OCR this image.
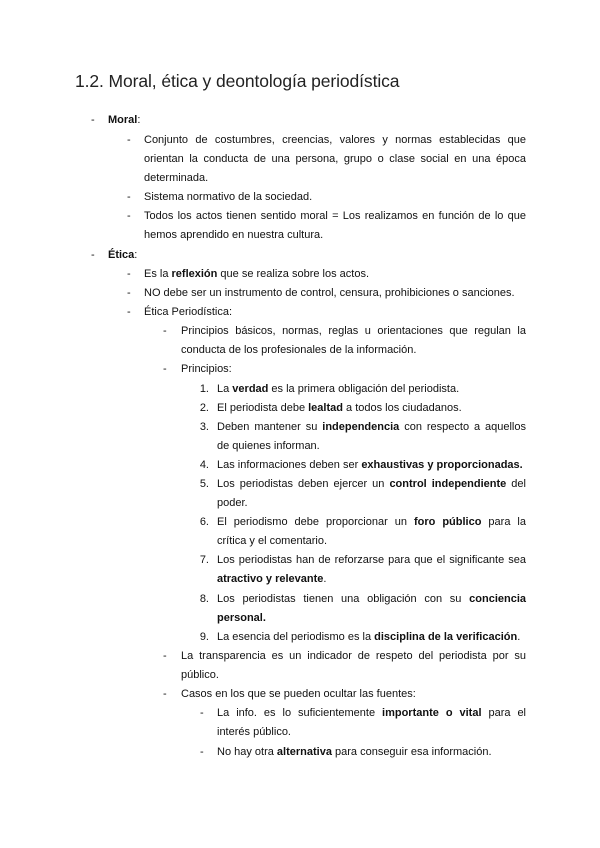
1.2. Moral, ética y deontología periodística
- Moral:
- Conjunto de costumbres, creencias, valores y normas establecidas que
orientan la conducta de una persona, grupo o clase social en una época
determinada.
- Sistema normativo de la sociedad.
- Todos los actos tienen sentido moral = Los realizamos en función de lo que
hemos aprendido en nuestra cultura.
- Ética:
- Es la reflexión que se realiza sobre los actos.
- NO debe ser un instrumento de control, censura, prohibiciones o sanciones.
- Ética Periodística:
- Principios básicos, normas, reglas u orientaciones que regulan la
conducta de los profesionales de la información.
- Principios:
1. La verdad es la primera obligación del periodista.
2. El periodista debe lealtad a todos los ciudadanos.
3. Deben mantener su independencia con respecto a aquellos
de quienes informan.
4. Las informaciones deben ser exhaustivas y proporcionadas.
5. Los periodistas deben ejercer un control independiente del
poder.
6. El periodismo debe proporcionar un foro público para la
crítica y el comentario.
7. Los periodistas han de reforzarse para que el significante sea
atractivo y relevante.
8. Los periodistas tienen una obligación con su conciencia
personal.
9. La esencia del periodismo es la disciplina de la verificación.
- La transparencia es un indicador de respeto del periodista por su
público.
- Casos en los que se pueden ocultar las fuentes:
- La info. es lo suficientemente importante o vital para el
interés público.
- No hay otra alternativa para conseguir esa información.
